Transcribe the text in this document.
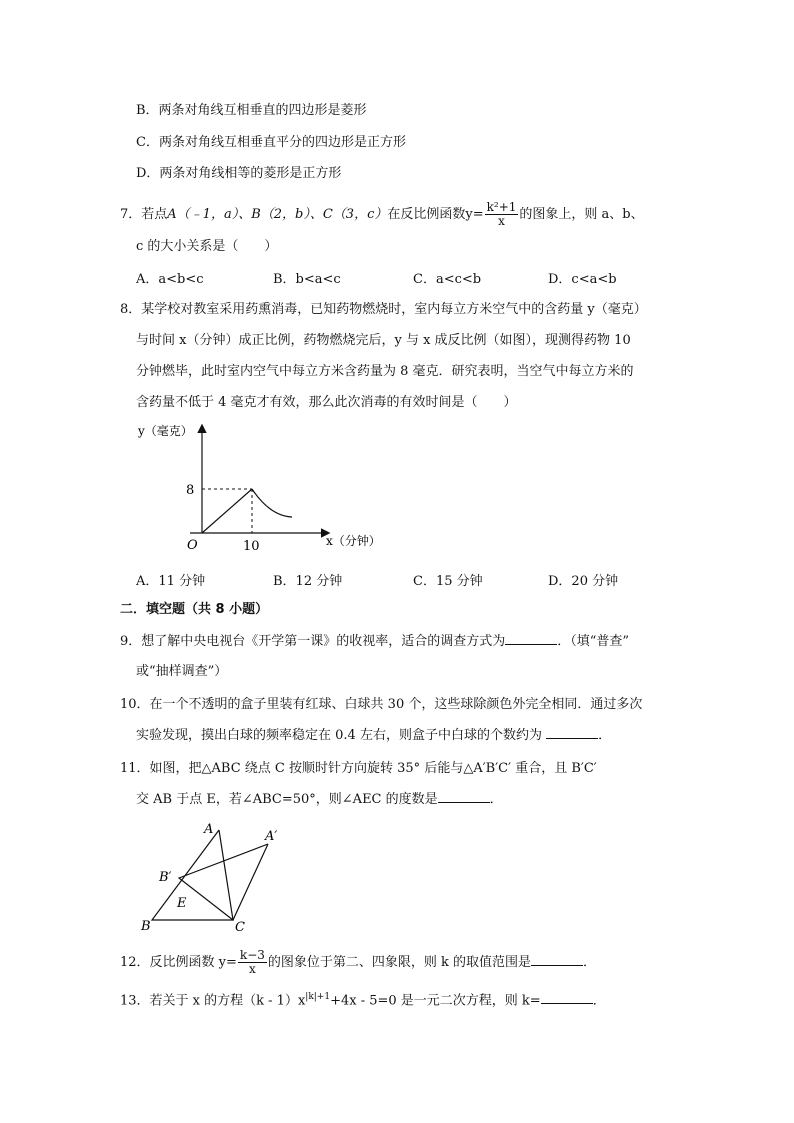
B．两条对角线互相垂直的四边形是菱形
C．两条对角线互相垂直平分的四边形是正方形
D．两条对角线相等的菱形是正方形
7．若点A（﹣1，a）、B（2，b）、C（3，c）在反比例函数$y= \frac{\text{k²+1}}{x}$ 的图象上，则 a、b、
c 的大小关系是（　　）
A．a<b<c	B．b<a<c	C．a<c<b	D．c<a<b
8．某学校对教室采用药熏消毒，已知药物燃烧时，室内每立方米空气中的含药量 y（毫克）
与时间 x（分钟）成正比例，药物燃烧完后，y 与 x 成反比例（如图），现测得药物 10
分钟燃毕，此时室内空气中每立方米含药量为 8 毫克．研究表明，当空气中每立方米的
含药量不低于 4 毫克才有效，那么此次消毒的有效时间是（　　）
y（毫克）
x（分钟）
O
8
10
A．11 分钟	B．12 分钟	C．15 分钟	D．20 分钟
二．填空题（共 8 小题）
9．想了解中央电视台《开学第一课》的收视率，适合的调查方式为	．（填“普查”
或“抽样调查”）
10．在一个不透明的盒子里装有红球、白球共 30 个，这些球除颜色外完全相同．通过多次
实验发现，摸出白球的频率稳定在 0.4 左右，则盒子中白球的个数约为	．
11．如图，把△ABC 绕点 C 按顺时针方向旋转 35° 后能与△A′B′C′ 重合，且 B′C′
交 AB 于点 E，若∠ABC=50°，则∠AEC 的度数是	．
A	A′
B′
E
B	C
12．反比例函数 $y= \frac{k-3}{x}$ 的图象位于第二、四象限，则 k 的取值范围是	．
13．若关于 x 的方程$(k - 1)x^{|k|+1}+4x - 5=0$ 是一元二次方程，则 k=	．
